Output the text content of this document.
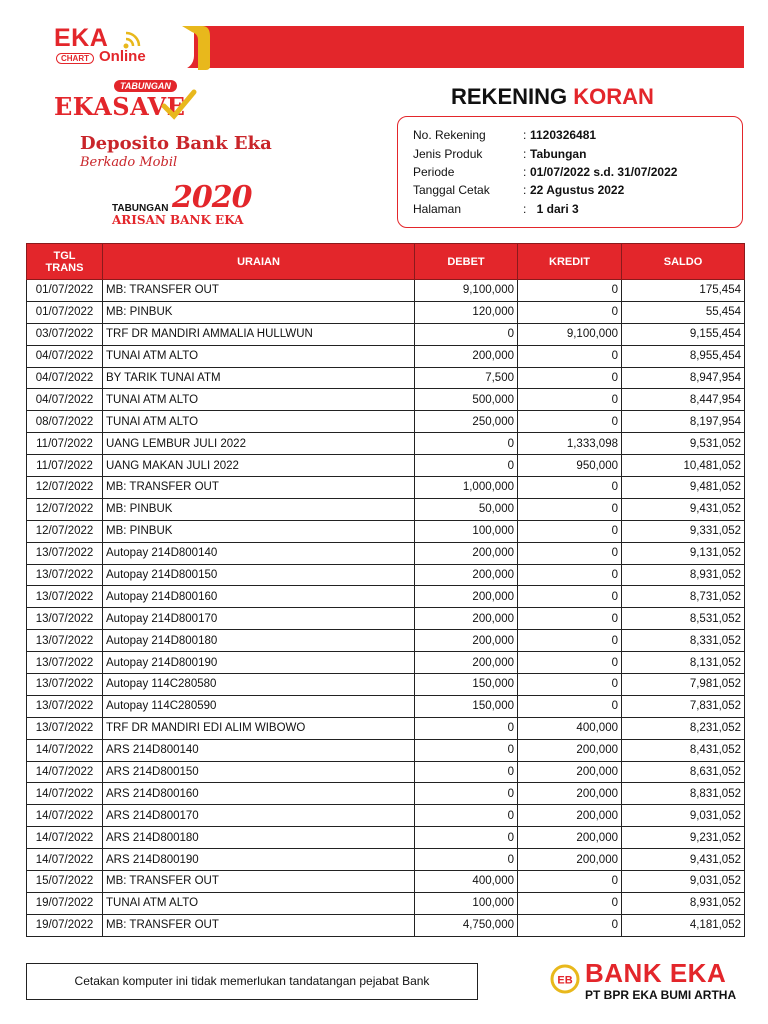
EKA
CHART Online
TABUNGAN
EKASAVE
Deposito Bank Eka
Berkado Mobil
TABUNGAN 2020
ARISAN BANK EKA
REKENING KORAN
No. Rekening	: 1120326481
Jenis Produk	: Tabungan
Periode	: 01/07/2022 s.d. 31/07/2022
Tanggal Cetak	: 22 Agustus 2022
Halaman	: 1 dari 3
TGL
TRANS	URAIAN	DEBET	KREDIT	SALDO
01/07/2022	MB: TRANSFER OUT	9,100,000	0	175,454
01/07/2022	MB: PINBUK	120,000	0	55,454
03/07/2022	TRF DR MANDIRI AMMALIA HULLWUN	0	9,100,000	9,155,454
04/07/2022	TUNAI ATM ALTO	200,000	0	8,955,454
04/07/2022	BY TARIK TUNAI ATM	7,500	0	8,947,954
04/07/2022	TUNAI ATM ALTO	500,000	0	8,447,954
08/07/2022	TUNAI ATM ALTO	250,000	0	8,197,954
11/07/2022	UANG LEMBUR JULI 2022	0	1,333,098	9,531,052
11/07/2022	UANG MAKAN JULI 2022	0	950,000	10,481,052
12/07/2022	MB: TRANSFER OUT	1,000,000	0	9,481,052
12/07/2022	MB: PINBUK	50,000	0	9,431,052
12/07/2022	MB: PINBUK	100,000	0	9,331,052
13/07/2022	Autopay 214D800140	200,000	0	9,131,052
13/07/2022	Autopay 214D800150	200,000	0	8,931,052
13/07/2022	Autopay 214D800160	200,000	0	8,731,052
13/07/2022	Autopay 214D800170	200,000	0	8,531,052
13/07/2022	Autopay 214D800180	200,000	0	8,331,052
13/07/2022	Autopay 214D800190	200,000	0	8,131,052
13/07/2022	Autopay 114C280580	150,000	0	7,981,052
13/07/2022	Autopay 114C280590	150,000	0	7,831,052
13/07/2022	TRF DR MANDIRI EDI ALIM WIBOWO	0	400,000	8,231,052
14/07/2022	ARS 214D800140	0	200,000	8,431,052
14/07/2022	ARS 214D800150	0	200,000	8,631,052
14/07/2022	ARS 214D800160	0	200,000	8,831,052
14/07/2022	ARS 214D800170	0	200,000	9,031,052
14/07/2022	ARS 214D800180	0	200,000	9,231,052
14/07/2022	ARS 214D800190	0	200,000	9,431,052
15/07/2022	MB: TRANSFER OUT	400,000	0	9,031,052
19/07/2022	TUNAI ATM ALTO	100,000	0	8,931,052
19/07/2022	MB: TRANSFER OUT	4,750,000	0	4,181,052
Cetakan komputer ini tidak memerlukan tandatangan pejabat Bank	EB BANK EKA
PT BPR EKA BUMI ARTHA
